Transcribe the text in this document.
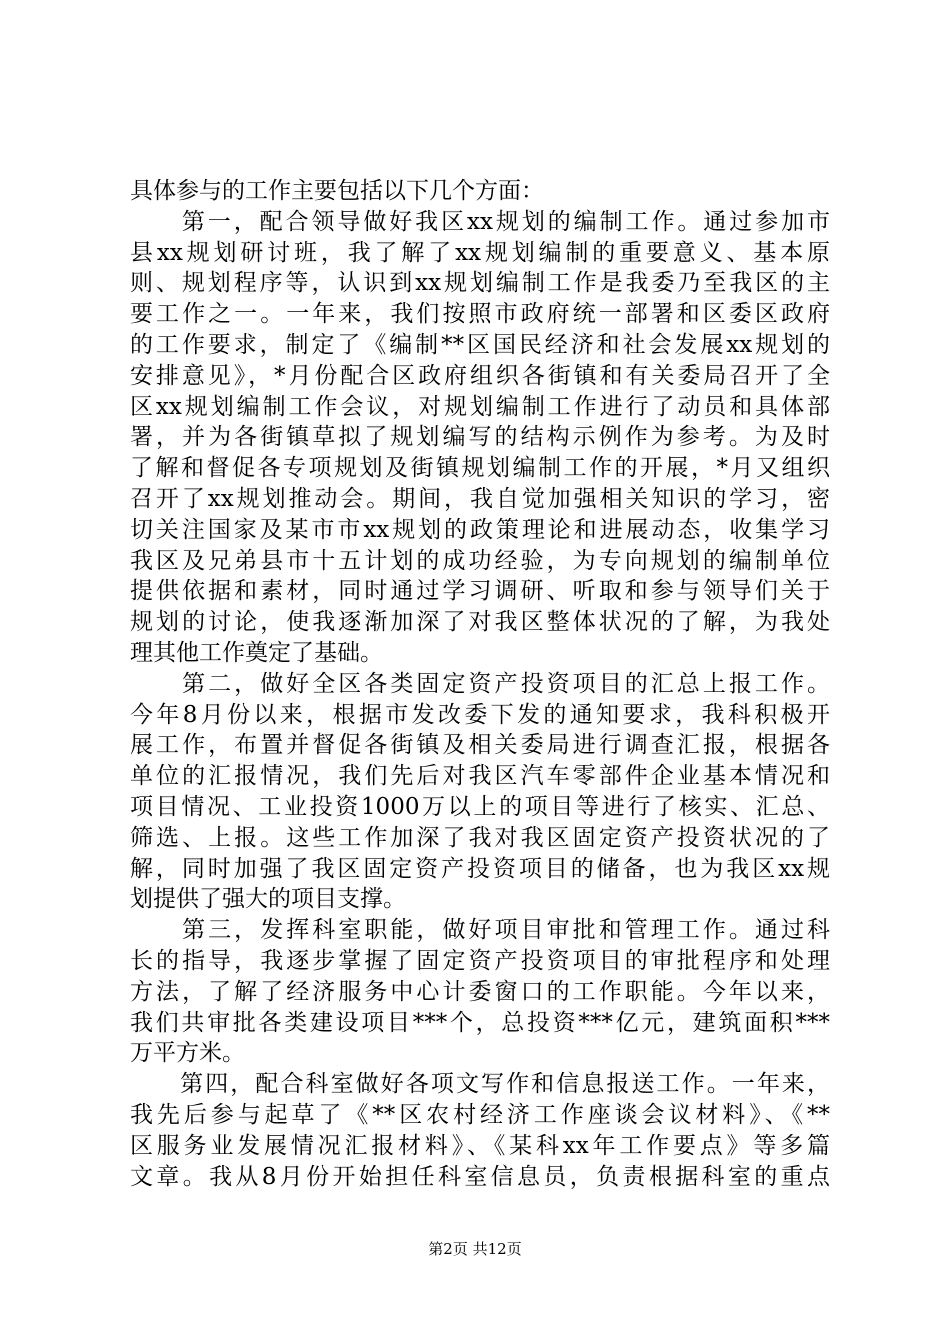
具体参与的工作主要包括以下几个方面：
　　第一，配合领导做好我区xx规划的编制工作。通过参加市
县xx规划研讨班，我了解了xx规划编制的重要意义、基本原
则、规划程序等，认识到xx规划编制工作是我委乃至我区的主
要工作之一。一年来，我们按照市政府统一部署和区委区政府
的工作要求，制定了《编制**区国民经济和社会发展xx规划的
安排意见》，*月份配合区政府组织各街镇和有关委局召开了全
区xx规划编制工作会议，对规划编制工作进行了动员和具体部
署，并为各街镇草拟了规划编写的结构示例作为参考。为及时
了解和督促各专项规划及街镇规划编制工作的开展，*月又组织
召开了xx规划推动会。期间，我自觉加强相关知识的学习，密
切关注国家及某市市xx规划的政策理论和进展动态，收集学习
我区及兄弟县市十五计划的成功经验，为专向规划的编制单位
提供依据和素材，同时通过学习调研、听取和参与领导们关于
规划的讨论，使我逐渐加深了对我区整体状况的了解，为我处
理其他工作奠定了基础。
　　第二，做好全区各类固定资产投资项目的汇总上报工作。
今年8月份以来，根据市发改委下发的通知要求，我科积极开
展工作，布置并督促各街镇及相关委局进行调查汇报，根据各
单位的汇报情况，我们先后对我区汽车零部件企业基本情况和
项目情况、工业投资1000万以上的项目等进行了核实、汇总、
筛选、上报。这些工作加深了我对我区固定资产投资状况的了
解，同时加强了我区固定资产投资项目的储备，也为我区xx规
划提供了强大的项目支撑。
　　第三，发挥科室职能，做好项目审批和管理工作。通过科
长的指导，我逐步掌握了固定资产投资项目的审批程序和处理
方法，了解了经济服务中心计委窗口的工作职能。今年以来，
我们共审批各类建设项目***个，总投资***亿元，建筑面积***
万平方米。
　　第四，配合科室做好各项文写作和信息报送工作。一年来，
我先后参与起草了《**区农村经济工作座谈会议材料》、《**
区服务业发展情况汇报材料》、《某科xx年工作要点》等多篇
文章。我从8月份开始担任科室信息员，负责根据科室的重点
第2页 共12页
